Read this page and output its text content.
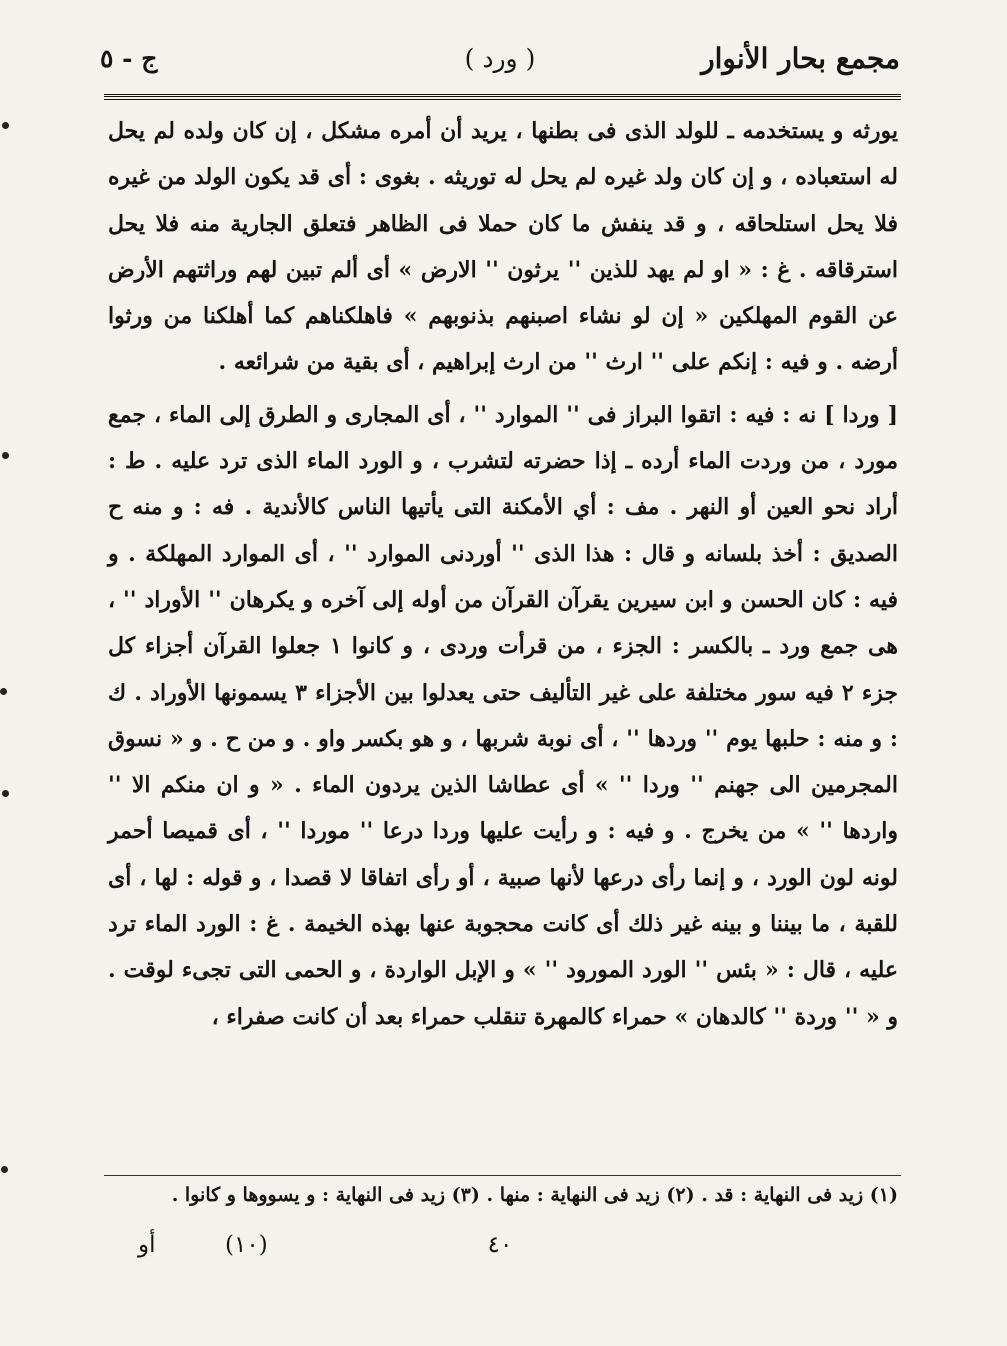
مجمع بحار الأنوار
( ورد )
ج - ٥

يورثه و يستخدمه ـ للولد الذى فى بطنها ، يريد أن أمره مشكل ، إن كان ولده لم يحل له استعباده ، و إن كان ولد غيره لم يحل له توريثه . بغوى : أى قد يكون الولد من غيره فلا يحل استلحاقه ، و قد ينفش ما كان حملا فى الظاهر فتعلق الجارية منه فلا يحل استرقاقه . غ : « او لم يهد للذين '' يرثون '' الارض » أى ألم تبين لهم وراثتهم الأرض عن القوم المهلكين « إن لو نشاء اصبنهم بذنوبهم » فاهلكناهم كما أهلكنا من ورثوا أرضه . و فيه : إنكم على '' ارث '' من ارث إبراهيم ، أى بقية من شرائعه .

[ وردا ] نه : فيه : اتقوا البراز فى '' الموارد '' ، أى المجارى و الطرق إلى الماء ، جمع مورد ، من وردت الماء أرده ـ إذا حضرته لتشرب ، و الورد الماء الذى ترد عليه . ط : أراد نحو العين أو النهر . مف : أي الأمكنة التى يأتيها الناس كالأندية . فه : و منه ح الصديق : أخذ بلسانه و قال : هذا الذى '' أوردنى الموارد '' ، أى الموارد المهلكة . و فيه : كان الحسن و ابن سيرين يقرآن القرآن من أوله إلى آخره و يكرهان '' الأوراد '' ، هى جمع ورد ـ بالكسر : الجزء ، من قرأت وردى ، و كانوا ١ جعلوا القرآن أجزاء كل جزء ٢ فيه سور مختلفة على غير التأليف حتى يعدلوا بين الأجزاء ٣ يسمونها الأوراد . ك : و منه : حلبها يوم '' وردها '' ، أى نوبة شربها ، و هو بكسر واو . و من ح . و « نسوق المجرمين الى جهنم '' وردا '' » أى عطاشا الذين يردون الماء . « و ان منكم الا '' واردها '' » من يخرج . و فيه : و رأيت عليها وردا درعا '' موردا '' ، أى قميصا أحمر لونه لون الورد ، و إنما رأى درعها لأنها صبية ، أو رأى اتفاقا لا قصدا ، و قوله : لها ، أى للقبة ، ما بيننا و بينه غير ذلك أى كانت محجوبة عنها بهذه الخيمة . غ : الورد الماء ترد عليه ، قال : « بئس '' الورد المورود '' » و الإبل الواردة ، و الحمى التى تجىء لوقت . و « '' وردة '' كالدهان » حمراء كالمهرة تنقلب حمراء بعد أن كانت صفراء ،

(١) زيد فى النهاية : قد . (٢) زيد فى النهاية : منها . (٣) زيد فى النهاية : و يسووها و كانوا .
٤٠
(١٠)
أو
